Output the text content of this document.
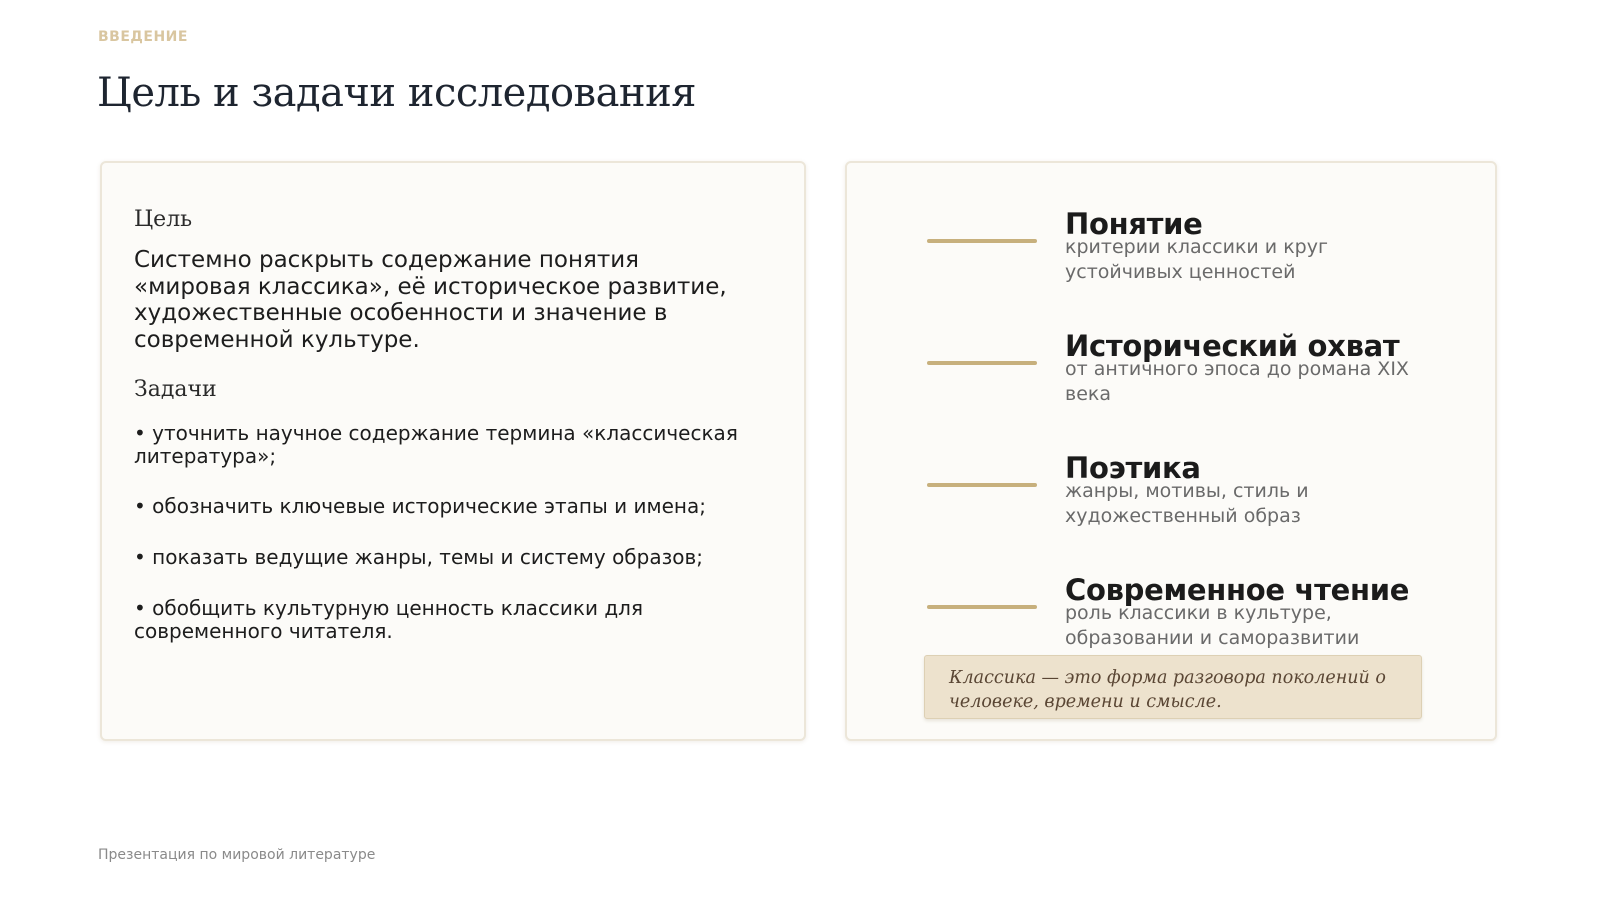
ВВЕДЕНИЕ
Цель и задачи исследования
Цель
Системно раскрыть содержание понятия «мировая классика», её историческое развитие, художественные особенности и значение в современной культуре.
Задачи
• уточнить научное содержание термина «классическая литература»;
• обозначить ключевые исторические этапы и имена;
• показать ведущие жанры, темы и систему образов;
• обобщить культурную ценность классики для современного читателя.
Понятие
критерии классики и круг устойчивых ценностей
Исторический охват
от античного эпоса до романа XIX века
Поэтика
жанры, мотивы, стиль и художественный образ
Современное чтение
роль классики в культуре, образовании и саморазвитии
Классика — это форма разговора поколений о человеке, времени и смысле.
Презентация по мировой литературе
